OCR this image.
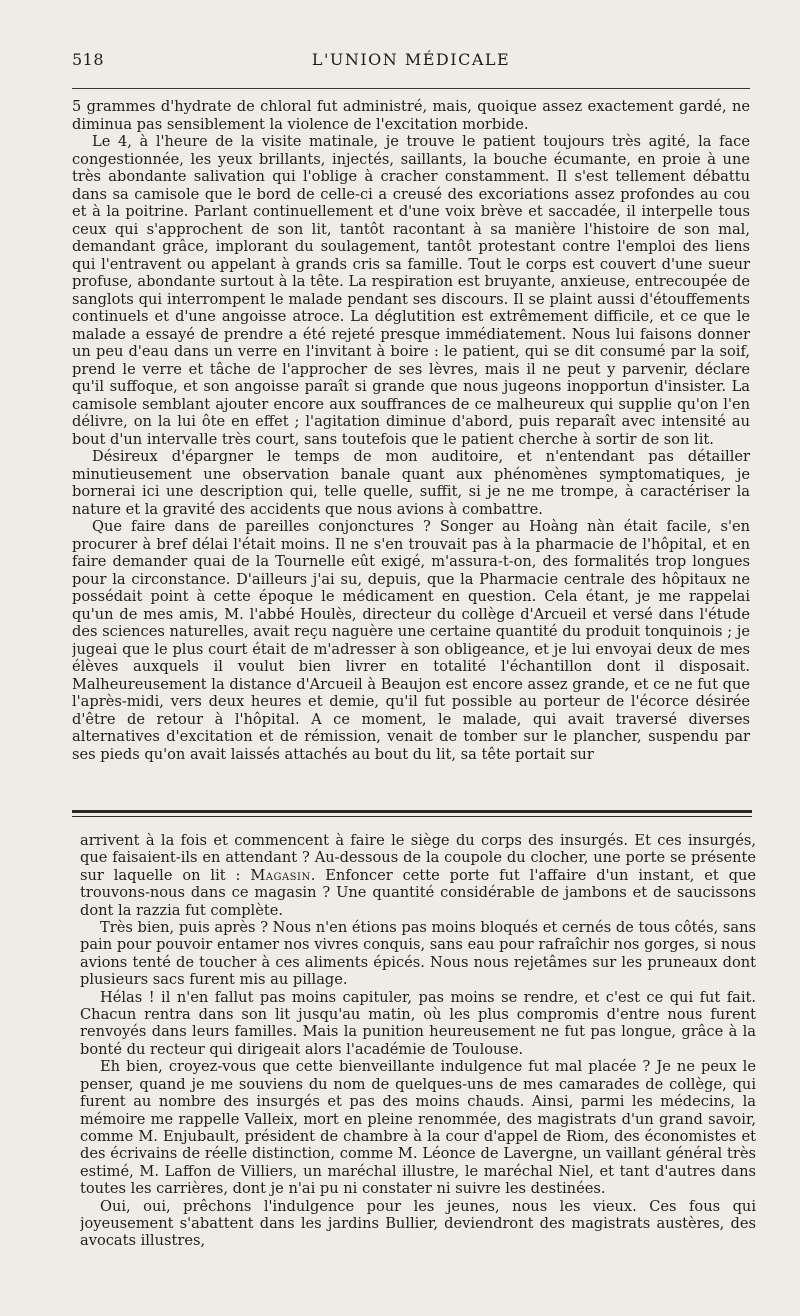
518	L'UNION MÉDICALE

5 grammes d'hydrate de chloral fut administré, mais, quoique assez exactement gardé, ne diminua pas sensiblement la violence de l'excitation morbide.

Le 4, à l'heure de la visite matinale, je trouve le patient toujours très agité, la face congestionnée, les yeux brillants, injectés, saillants, la bouche écumante, en proie à une très abondante salivation qui l'oblige à cracher constamment. Il s'est tellement débattu dans sa camisole que le bord de celle-ci a creusé des excoriations assez profondes au cou et à la poitrine. Parlant continuellement et d'une voix brève et saccadée, il interpelle tous ceux qui s'approchent de son lit, tantôt racontant à sa manière l'histoire de son mal, demandant grâce, implorant du soulagement, tantôt protestant contre l'emploi des liens qui l'entravent ou appelant à grands cris sa famille. Tout le corps est couvert d'une sueur profuse, abondante surtout à la tête. La respiration est bruyante, anxieuse, entrecoupée de sanglots qui interrompent le malade pendant ses discours. Il se plaint aussi d'étouffements continuels et d'une angoisse atroce. La déglutition est extrêmement difficile, et ce que le malade a essayé de prendre a été rejeté presque immédiatement. Nous lui faisons donner un peu d'eau dans un verre en l'invitant à boire : le patient, qui se dit consumé par la soif, prend le verre et tâche de l'approcher de ses lèvres, mais il ne peut y parvenir, déclare qu'il suffoque, et son angoisse paraît si grande que nous jugeons inopportun d'insister. La camisole semblant ajouter encore aux souffrances de ce malheureux qui supplie qu'on l'en délivre, on la lui ôte en effet ; l'agitation diminue d'abord, puis reparaît avec intensité au bout d'un intervalle très court, sans toutefois que le patient cherche à sortir de son lit.

Désireux d'épargner le temps de mon auditoire, et n'entendant pas détailler minutieusement une observation banale quant aux phénomènes symptomatiques, je bornerai ici une description qui, telle quelle, suffit, si je ne me trompe, à caractériser la nature et la gravité des accidents que nous avions à combattre.

Que faire dans de pareilles conjonctures ? Songer au Hoàng nàn était facile, s'en procurer à bref délai l'était moins. Il ne s'en trouvait pas à la pharmacie de l'hôpital, et en faire demander quai de la Tournelle eût exigé, m'assura-t-on, des formalités trop longues pour la circonstance. D'ailleurs j'ai su, depuis, que la Pharmacie centrale des hôpitaux ne possédait point à cette époque le médicament en question. Cela étant, je me rappelai qu'un de mes amis, M. l'abbé Houlès, directeur du collège d'Arcueil et versé dans l'étude des sciences naturelles, avait reçu naguère une certaine quantité du produit tonquinois ; je jugeai que le plus court était de m'adresser à son obligeance, et je lui envoyai deux de mes élèves auxquels il voulut bien livrer en totalité l'échantillon dont il disposait. Malheureusement la distance d'Arcueil à Beaujon est encore assez grande, et ce ne fut que l'après-midi, vers deux heures et demie, qu'il fut possible au porteur de l'écorce désirée d'être de retour à l'hôpital. A ce moment, le malade, qui avait traversé diverses alternatives d'excitation et de rémission, venait de tomber sur le plancher, suspendu par ses pieds qu'on avait laissés attachés au bout du lit, sa tête portait sur

arrivent à la fois et commencent à faire le siège du corps des insurgés. Et ces insurgés, que faisaient-ils en attendant ? Au-dessous de la coupole du clocher, une porte se présente sur laquelle on lit : Magasin. Enfoncer cette porte fut l'affaire d'un instant, et que trouvons-nous dans ce magasin ? Une quantité considérable de jambons et de saucissons dont la razzia fut complète.

Très bien, puis après ? Nous n'en étions pas moins bloqués et cernés de tous côtés, sans pain pour pouvoir entamer nos vivres conquis, sans eau pour rafraîchir nos gorges, si nous avions tenté de toucher à ces aliments épicés. Nous nous rejetâmes sur les pruneaux dont plusieurs sacs furent mis au pillage.

Hélas ! il n'en fallut pas moins capituler, pas moins se rendre, et c'est ce qui fut fait. Chacun rentra dans son lit jusqu'au matin, où les plus compromis d'entre nous furent renvoyés dans leurs familles. Mais la punition heureusement ne fut pas longue, grâce à la bonté du recteur qui dirigeait alors l'académie de Toulouse.

Eh bien, croyez-vous que cette bienveillante indulgence fut mal placée ? Je ne peux le penser, quand je me souviens du nom de quelques-uns de mes camarades de collège, qui furent au nombre des insurgés et pas des moins chauds. Ainsi, parmi les médecins, la mémoire me rappelle Valleix, mort en pleine renommée, des magistrats d'un grand savoir, comme M. Enjubault, président de chambre à la cour d'appel de Riom, des économistes et des écrivains de réelle distinction, comme M. Léonce de Lavergne, un vaillant général très estimé, M. Laffon de Villiers, un maréchal illustre, le maréchal Niel, et tant d'autres dans toutes les carrières, dont je n'ai pu ni constater ni suivre les destinées.

Oui, oui, prêchons l'indulgence pour les jeunes, nous les vieux. Ces fous qui joyeusement s'abattent dans les jardins Bullier, deviendront des magistrats austères, des avocats illustres,
